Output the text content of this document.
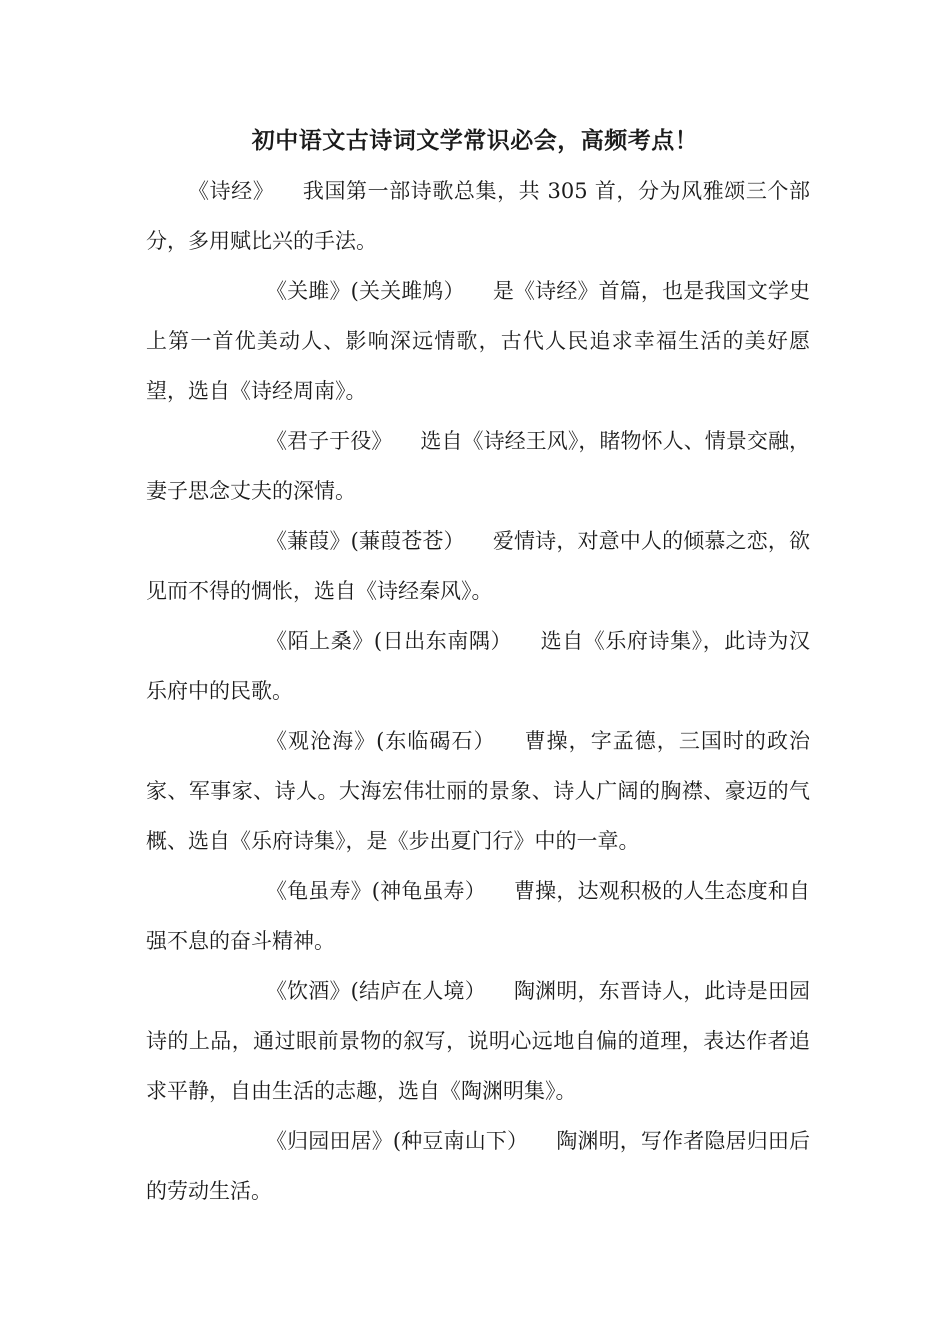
初中语文古诗词文学常识必会，高频考点！

《诗经》 我国第一部诗歌总集，共 305 首，分为风雅颂三个部分，多用赋比兴的手法。

《关雎》(关关雎鸠） 是《诗经》首篇，也是我国文学史上第一首优美动人、影响深远情歌，古代人民追求幸福生活的美好愿望，选自《诗经周南》。

《君子于役》 选自《诗经王风》，睹物怀人、情景交融，妻子思念丈夫的深情。

《蒹葭》(蒹葭苍苍） 爱情诗，对意中人的倾慕之恋，欲见而不得的惆怅，选自《诗经秦风》。

《陌上桑》(日出东南隅） 选自《乐府诗集》，此诗为汉乐府中的民歌。

《观沧海》(东临碣石） 曹操，字孟德，三国时的政治家、军事家、诗人。大海宏伟壮丽的景象、诗人广阔的胸襟、豪迈的气概、选自《乐府诗集》，是《步出夏门行》中的一章。

《龟虽寿》(神龟虽寿） 曹操，达观积极的人生态度和自强不息的奋斗精神。

《饮酒》(结庐在人境） 陶渊明，东晋诗人，此诗是田园诗的上品，通过眼前景物的叙写，说明心远地自偏的道理，表达作者追求平静，自由生活的志趣，选自《陶渊明集》。

《归园田居》(种豆南山下） 陶渊明，写作者隐居归田后的劳动生活。
